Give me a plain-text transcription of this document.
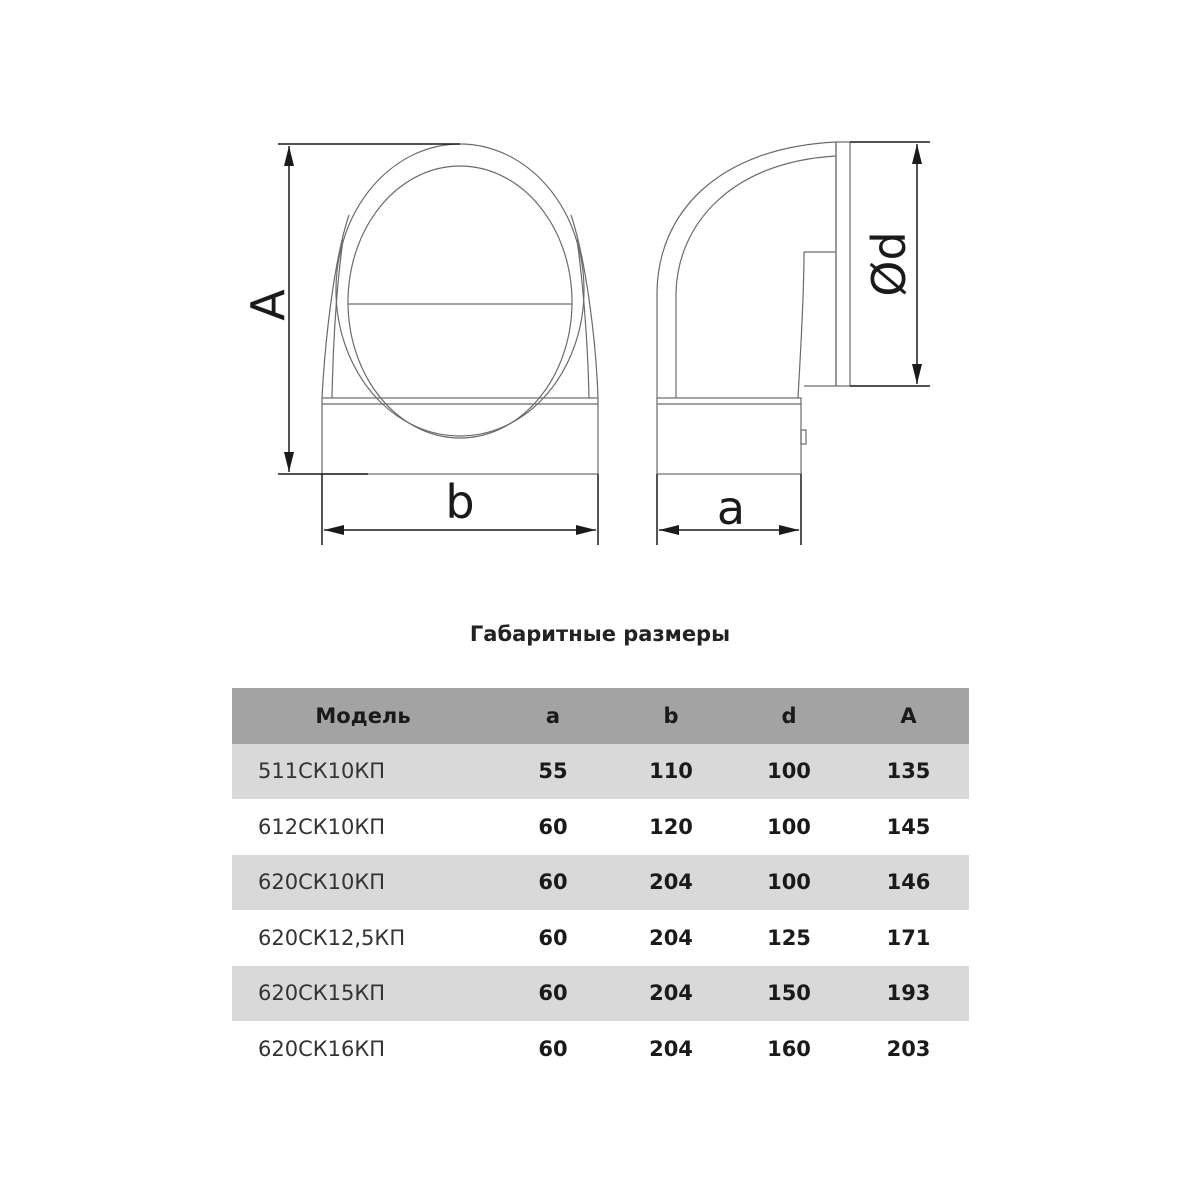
A
b	a
Ød
Габаритные размеры
Модель	a	b	d	A
511СК10КП	55	110	100	135
612СК10КП	60	120	100	145
620СК10КП	60	204	100	146
620СК12,5КП	60	204	125	171
620СК15КП	60	204	150	193
620СК16КП	60	204	160	203
